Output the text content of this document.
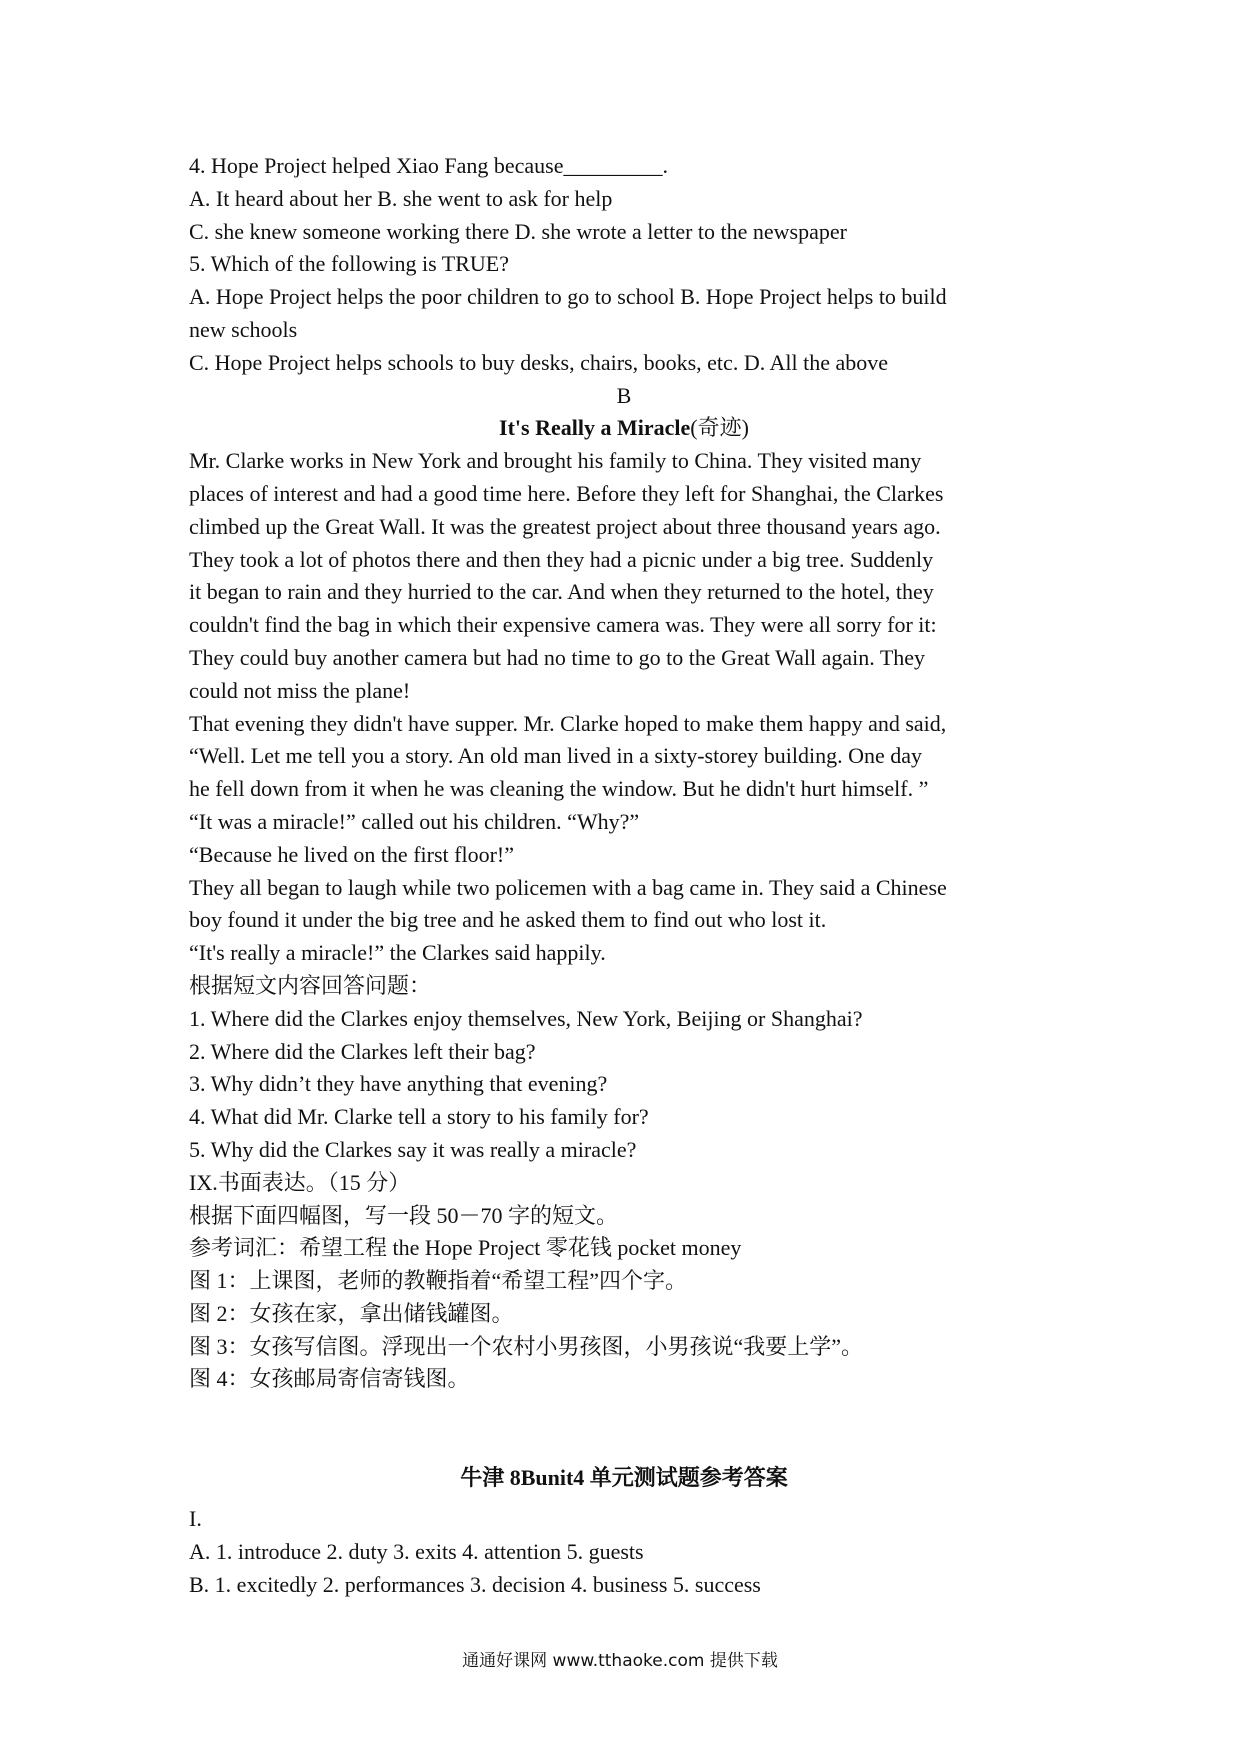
4. Hope Project helped Xiao Fang because_________.

A. It heard about her B. she went to ask for help

C. she knew someone working there D. she wrote a letter to the newspaper

5. Which of the following is TRUE?

A. Hope Project helps the poor children to go to school B. Hope Project helps to build

new schools

C. Hope Project helps schools to buy desks, chairs, books, etc. D. All the above

B

It's Really a Miracle(奇迹)

Mr. Clarke works in New York and brought his family to China. They visited many

places of interest and had a good time here. Before they left for Shanghai, the Clarkes

climbed up the Great Wall. It was the greatest project about three thousand years ago.

They took a lot of photos there and then they had a picnic under a big tree. Suddenly

it began to rain and they hurried to the car. And when they returned to the hotel, they

couldn't find the bag in which their expensive camera was. They were all sorry for it:

They could buy another camera but had no time to go to the Great Wall again. They

could not miss the plane!

That evening they didn't have supper. Mr. Clarke hoped to make them happy and said,

“Well. Let me tell you a story. An old man lived in a sixty-storey building. One day

he fell down from it when he was cleaning the window. But he didn't hurt himself. ”

“It was a miracle!” called out his children. “Why?”

“Because he lived on the first floor!”

They all began to laugh while two policemen with a bag came in. They said a Chinese

boy found it under the big tree and he asked them to find out who lost it.

“It's really a miracle!” the Clarkes said happily.

根据短文内容回答问题：

1. Where did the Clarkes enjoy themselves, New York, Beijing or Shanghai?

2. Where did the Clarkes left their bag?

3. Why didn’t they have anything that evening?

4. What did Mr. Clarke tell a story to his family for?

5. Why did the Clarkes say it was really a miracle?

IX.书面表达。（15 分）

根据下面四幅图，写一段 50－70 字的短文。

参考词汇：希望工程 the Hope Project 零花钱 pocket money

图 1：上课图，老师的教鞭指着“希望工程”四个字。

图 2：女孩在家，拿出储钱罐图。

图 3：女孩写信图。浮现出一个农村小男孩图，小男孩说“我要上学”。

图 4：女孩邮局寄信寄钱图。

牛津 8Bunit4 单元测试题参考答案

I.

A. 1. introduce 2. duty 3. exits 4. attention 5. guests

B. 1. excitedly 2. performances 3. decision 4. business 5. success

通通好课网 www.tthaoke.com 提供下载
